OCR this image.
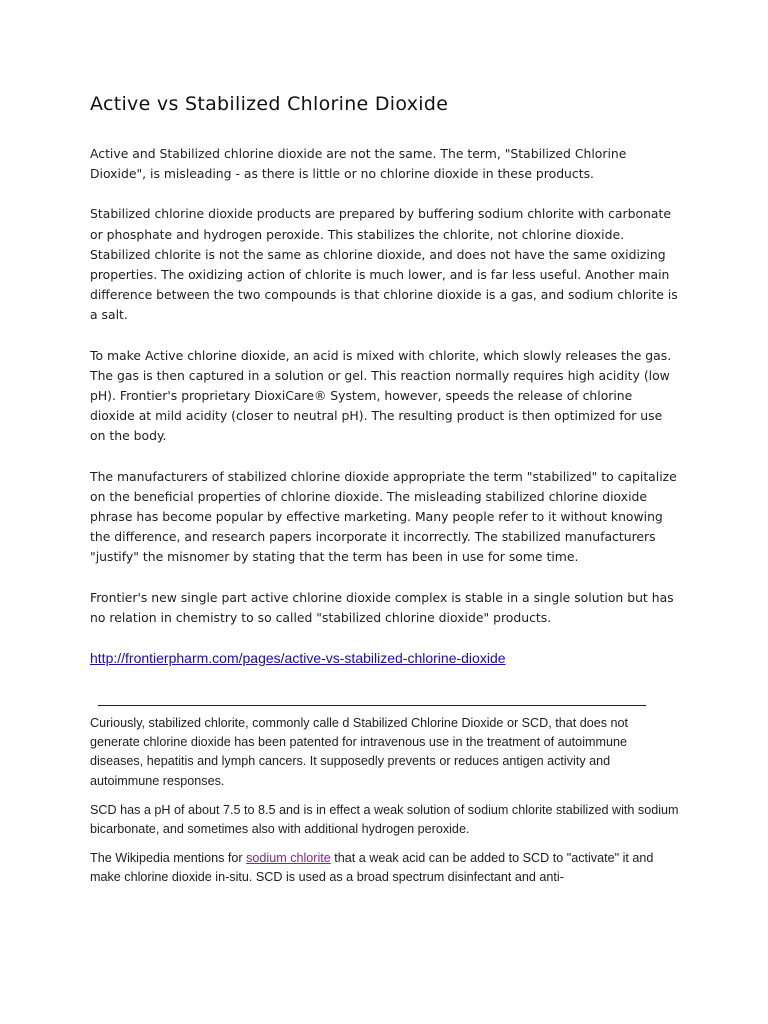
Active vs Stabilized Chlorine Dioxide

Active and Stabilized chlorine dioxide are not the same. The term, "Stabilized Chlorine Dioxide", is misleading - as there is little or no chlorine dioxide in these products.

Stabilized chlorine dioxide products are prepared by buffering sodium chlorite with carbonate or phosphate and hydrogen peroxide. This stabilizes the chlorite, not chlorine dioxide. Stabilized chlorite is not the same as chlorine dioxide, and does not have the same oxidizing properties. The oxidizing action of chlorite is much lower, and is far less useful. Another main difference between the two compounds is that chlorine dioxide is a gas, and sodium chlorite is a salt.

To make Active chlorine dioxide, an acid is mixed with chlorite, which slowly releases the gas. The gas is then captured in a solution or gel. This reaction normally requires high acidity (low pH). Frontier's proprietary DioxiCare® System, however, speeds the release of chlorine dioxide at mild acidity (closer to neutral pH). The resulting product is then optimized for use on the body.

The manufacturers of stabilized chlorine dioxide appropriate the term "stabilized" to capitalize on the beneficial properties of chlorine dioxide. The misleading stabilized chlorine dioxide phrase has become popular by effective marketing. Many people refer to it without knowing the difference, and research papers incorporate it incorrectly. The stabilized manufacturers "justify" the misnomer by stating that the term has been in use for some time.

Frontier's new single part active chlorine dioxide complex is stable in a single solution but has no relation in chemistry to so called "stabilized chlorine dioxide" products.

http://frontierpharm.com/pages/active-vs-stabilized-chlorine-dioxide

Curiously, stabilized chlorite, commonly calle d Stabilized Chlorine Dioxide or SCD, that does not generate chlorine dioxide has been patented for intravenous use in the treatment of autoimmune diseases, hepatitis and lymph cancers. It supposedly prevents or reduces antigen activity and autoimmune responses.

SCD has a pH of about 7.5 to 8.5 and is in effect a weak solution of sodium chlorite stabilized with sodium bicarbonate, and sometimes also with additional hydrogen peroxide.

The Wikipedia mentions for sodium chlorite that a weak acid can be added to SCD to "activate" it and make chlorine dioxide in-situ. SCD is used as a broad spectrum disinfectant and anti-
